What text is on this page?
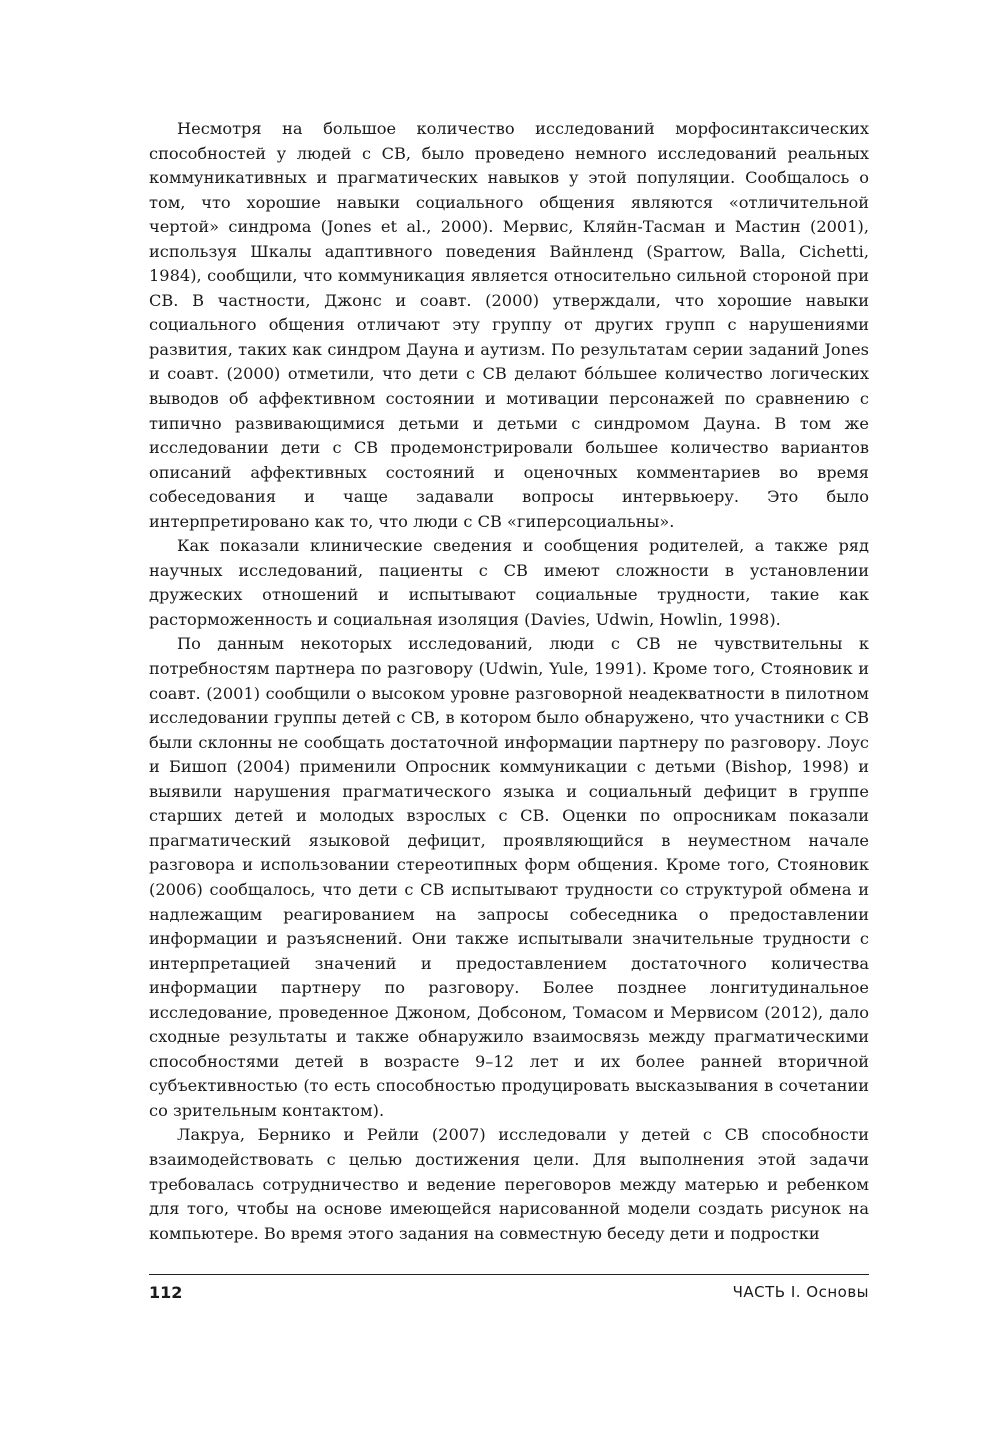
Несмотря на большое количество исследований морфосинтаксических способностей у людей с СВ, было проведено немного исследований реальных коммуникативных и прагматических навыков у этой популяции. Сообщалось о том, что хорошие навыки социального общения являются «отличительной чертой» синдрома (Jones et al., 2000). Мервис, Кляйн-Тасман и Мастин (2001), используя Шкалы адаптивного поведения Вайнленд (Sparrow, Balla, Cichetti, 1984), сообщили, что коммуникация является относительно сильной стороной при СВ. В частности, Джонс и соавт. (2000) утверждали, что хорошие навыки социального общения отличают эту группу от других групп с нарушениями развития, таких как синдром Дауна и аутизм. По результатам серии заданий Jones и соавт. (2000) отметили, что дети с СВ делают бóльшее количество логических выводов об аффективном состоянии и мотивации персонажей по сравнению с типично развивающимися детьми и детьми с синдромом Дауна. В том же исследовании дети с СВ продемонстрировали большее количество вариантов описаний аффективных состояний и оценочных комментариев во время собеседования и чаще задавали вопросы интервьюеру. Это было интерпретировано как то, что люди с СВ «гиперсоциальны».

Как показали клинические сведения и сообщения родителей, а также ряд научных исследований, пациенты с СВ имеют сложности в установлении дружеских отношений и испытывают социальные трудности, такие как расторможенность и социальная изоляция (Davies, Udwin, Howlin, 1998).

По данным некоторых исследований, люди с СВ не чувствительны к потребностям партнера по разговору (Udwin, Yule, 1991). Кроме того, Стояновик и соавт. (2001) сообщили о высоком уровне разговорной неадекватности в пилотном исследовании группы детей с СВ, в котором было обнаружено, что участники с СВ были склонны не сообщать достаточной информации партнеру по разговору. Лоус и Бишоп (2004) применили Опросник коммуникации с детьми (Bishop, 1998) и выявили нарушения прагматического языка и социальный дефицит в группе старших детей и молодых взрослых с СВ. Оценки по опросникам показали прагматический языковой дефицит, проявляющийся в неуместном начале разговора и использовании стереотипных форм общения. Кроме того, Стояновик (2006) сообщалось, что дети с СВ испытывают трудности со структурой обмена и надлежащим реагированием на запросы собеседника о предоставлении информации и разъяснений. Они также испытывали значительные трудности с интерпретацией значений и предоставлением достаточного количества информации партнеру по разговору. Более позднее лонгитудинальное исследование, проведенное Джоном, Добсоном, Томасом и Мервисом (2012), дало сходные результаты и также обнаружило взаимосвязь между прагматическими способностями детей в возрасте 9–12 лет и их более ранней вторичной субъективностью (то есть способностью продуцировать высказывания в сочетании со зрительным контактом).

Лакруа, Бернико и Рейли (2007) исследовали у детей с СВ способности взаимодействовать с целью достижения цели. Для выполнения этой задачи требовалась сотрудничество и ведение переговоров между матерью и ребенком для того, чтобы на основе имеющейся нарисованной модели создать рисунок на компьютере. Во время этого задания на совместную беседу дети и подростки

112	ЧАСТЬ I. Основы
